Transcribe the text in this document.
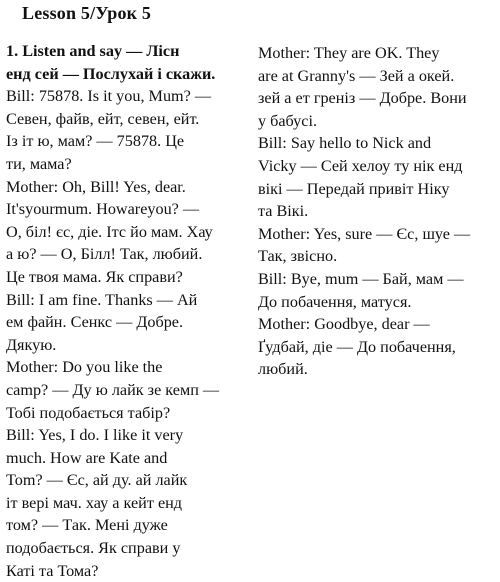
Lesson 5/Урок 5
1. Listen and say — Лісн
енд сей — Послухай і скажи.
Bill: 75878. Is it you, Mum? —
Севен, файв, ейт, севен, ейт.
Із іт ю, мам? — 75878. Це
ти, мама?
Mother: Oh, Bill! Yes, dear.
It'syourmum. Howareyou? —
О, біл! єс, діе. Ітс йо мам. Хау
а ю? — О, Білл! Так, любий.
Це твоя мама. Як справи?
Bill: I am fine. Thanks — Ай
ем файн. Сенкс — Добре.
Дякую.
Mother: Do you like the
camp? — Ду ю лайк зе кемп —
Тобі подобається табір?
Bill: Yes, I do. I like it very
much. How are Kate and
Tom? — Єс, ай ду. ай лайк
іт вері мач. хау а кейт енд
том? — Так. Мені дуже
подобається. Як справи у
Каті та Тома?
Mother: They are OK. They
are at Granny's — Зей а окей.
зей а ет греніз — Добре. Вони
у бабусі.
Bill: Say hello to Nick and
Vicky — Сей хелоу ту нік енд
вікі — Передай привіт Ніку
та Вікі.
Mother: Yes, sure — Єс, шуе —
Так, звісно.
Bill: Bye, mum — Бай, мам —
До побачення, матуся.
Mother: Goodbye, dear —
Ґудбай, діе — До побачення,
любий.
